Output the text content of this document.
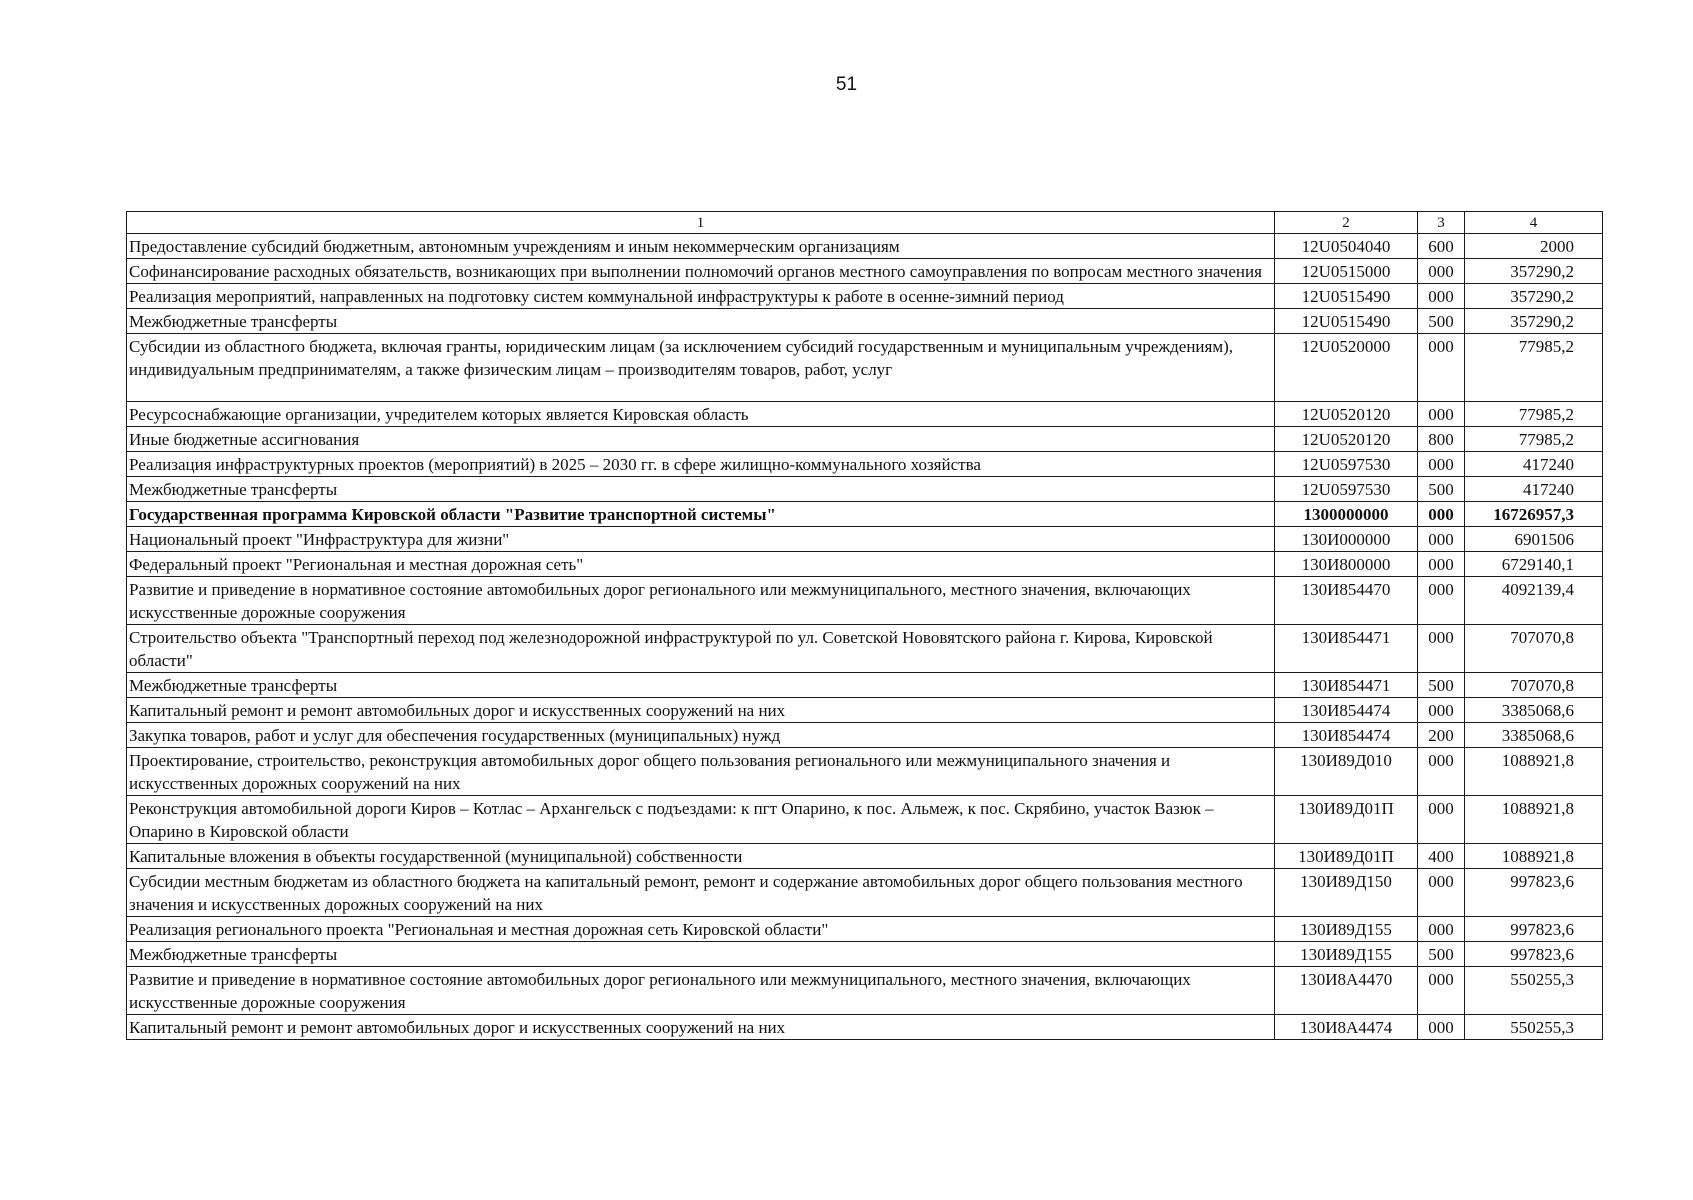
51
1	2	3	4
Предоставление субсидий бюджетным, автономным учреждениям и иным некоммерческим организациям	12U0504040	600	2000
Софинансирование расходных обязательств, возникающих при выполнении полномочий органов местного самоуправления по вопросам местного значения	12U0515000	000	357290,2
Реализация мероприятий, направленных на подготовку систем коммунальной инфраструктуры к работе в осенне-зимний период	12U0515490	000	357290,2
Межбюджетные трансферты	12U0515490	500	357290,2
Субсидии из областного бюджета, включая гранты, юридическим лицам (за исключением субсидий государственным и муниципальным учреждениям), индивидуальным предпринимателям, а также физическим лицам – производителям товаров, работ, услуг	12U0520000	000	77985,2
Ресурсоснабжающие организации, учредителем которых является Кировская область	12U0520120	000	77985,2
Иные бюджетные ассигнования	12U0520120	800	77985,2
Реализация инфраструктурных проектов (мероприятий) в 2025 – 2030 гг. в сфере жилищно-коммунального хозяйства	12U0597530	000	417240
Межбюджетные трансферты	12U0597530	500	417240
Государственная программа Кировской области "Развитие транспортной системы"	1300000000	000	16726957,3
Национальный проект "Инфраструктура для жизни"	130И000000	000	6901506
Федеральный проект "Региональная и местная дорожная сеть"	130И800000	000	6729140,1
Развитие и приведение в нормативное состояние автомобильных дорог регионального или межмуниципального, местного значения, включающих искусственные дорожные сооружения	130И854470	000	4092139,4
Строительство объекта "Транспортный переход под железнодорожной инфраструктурой по ул. Советской Нововятского района г. Кирова, Кировской области"	130И854471	000	707070,8
Межбюджетные трансферты	130И854471	500	707070,8
Капитальный ремонт и ремонт автомобильных дорог и искусственных сооружений на них	130И854474	000	3385068,6
Закупка товаров, работ и услуг для обеспечения государственных (муниципальных) нужд	130И854474	200	3385068,6
Проектирование, строительство, реконструкция автомобильных дорог общего пользования регионального или межмуниципального значения и искусственных дорожных сооружений на них	130И89Д010	000	1088921,8
Реконструкция автомобильной дороги Киров – Котлас – Архангельск с подъездами: к пгт Опарино, к пос. Альмеж, к пос. Скрябино, участок Вазюк – Опарино в Кировской области	130И89Д01П	000	1088921,8
Капитальные вложения в объекты государственной (муниципальной) собственности	130И89Д01П	400	1088921,8
Субсидии местным бюджетам из областного бюджета на капитальный ремонт, ремонт и содержание автомобильных дорог общего пользования местного значения и искусственных дорожных сооружений на них	130И89Д150	000	997823,6
Реализация регионального проекта "Региональная и местная дорожная сеть Кировской области"	130И89Д155	000	997823,6
Межбюджетные трансферты	130И89Д155	500	997823,6
Развитие и приведение в нормативное состояние автомобильных дорог регионального или межмуниципального, местного значения, включающих искусственные дорожные сооружения	130И8А4470	000	550255,3
Капитальный ремонт и ремонт автомобильных дорог и искусственных сооружений на них	130И8А4474	000	550255,3
